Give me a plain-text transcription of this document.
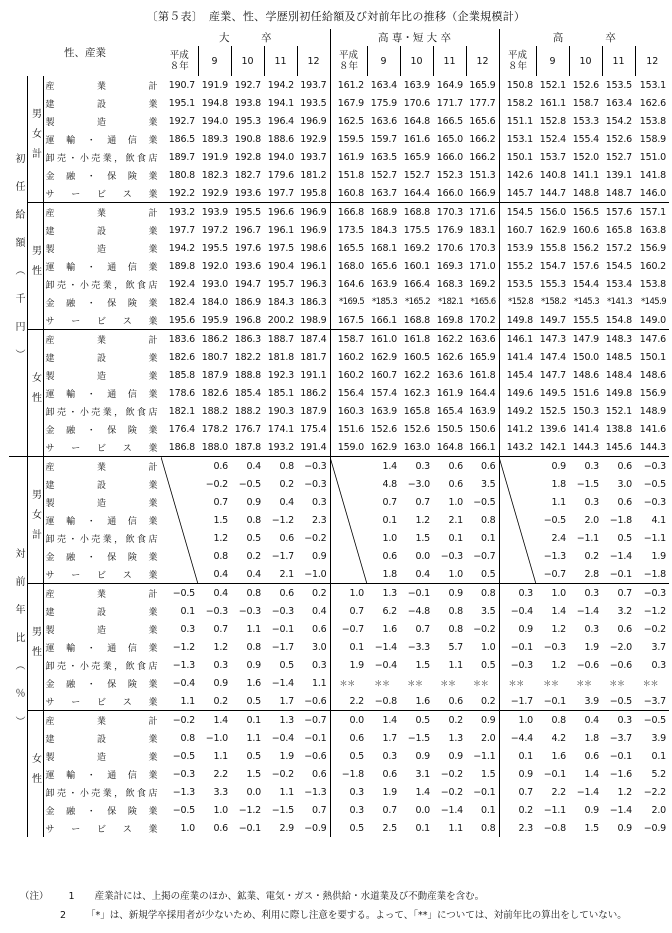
〔第５表〕　産業、性、学歴別初任給額及び対前年比の推移（企業規模計）
性、産業			大　　　卒					高 専・短 大 卒					高　　　　卒				
			平成
８年	9	10	11	12	平成
８年	9	10	11	12	平成
８年	9	10	11	12
初任給額（千円）	男女計	産業計	190.7	191.9	192.7	194.2	193.7	161.2	163.4	163.9	164.9	165.9	150.8	152.1	152.6	153.5	153.1
		建設業	195.1	194.8	193.8	194.1	193.5	167.9	175.9	170.6	171.7	177.7	158.2	161.1	158.7	163.4	162.6
		製造業	192.7	194.0	195.3	196.4	196.9	162.5	163.6	164.8	166.5	165.6	151.1	152.8	153.3	154.2	153.8
		運輸・通信業	186.5	189.3	190.8	188.6	192.9	159.5	159.7	161.6	165.0	166.2	153.1	152.4	155.4	152.6	158.9
		卸売・小売業，飲食店	189.7	191.9	192.8	194.0	193.7	161.9	163.5	165.9	166.0	166.2	150.1	153.7	152.0	152.7	151.0
		金融・保険業	180.8	182.3	182.7	179.6	181.2	151.8	152.7	152.7	152.3	151.3	142.6	140.8	141.1	139.1	141.8
		サービス業	192.2	192.9	193.6	197.7	195.8	160.8	163.7	164.4	166.0	166.9	145.7	144.7	148.8	148.7	146.0
	男性	産業計	193.2	193.9	195.5	196.6	196.9	166.8	168.9	168.8	170.3	171.6	154.5	156.0	156.5	157.6	157.1
		建設業	197.7	197.2	196.7	196.1	196.9	173.5	184.3	175.5	176.9	183.1	160.7	162.9	160.6	165.8	163.8
		製造業	194.2	195.5	197.6	197.5	198.6	165.5	168.1	169.2	170.6	170.3	153.9	155.8	156.2	157.2	156.9
		運輸・通信業	189.8	192.0	193.6	190.4	196.1	168.0	165.6	160.1	169.3	171.0	155.2	154.7	157.6	154.5	160.2
		卸売・小売業，飲食店	192.4	193.0	194.7	195.7	196.3	164.6	163.9	166.4	168.3	169.2	153.5	155.3	154.4	153.4	153.8
		金融・保険業	182.4	184.0	186.9	184.3	186.3	*169.5	*185.3	*165.2	*182.1	*165.6	*152.8	*158.2	*145.3	*141.3	*145.9
		サービス業	195.6	195.9	196.8	200.2	198.9	167.5	166.1	168.8	169.8	170.2	149.8	149.7	155.5	154.8	149.0
	女性	産業計	183.6	186.2	186.3	188.7	187.4	158.7	161.0	161.8	162.2	163.6	146.1	147.3	147.9	148.3	147.6
		建設業	182.6	180.7	182.2	181.8	181.7	160.2	162.9	160.5	162.6	165.9	141.4	147.4	150.0	148.5	150.1
		製造業	185.8	187.9	188.8	192.3	191.1	160.2	160.7	162.2	163.6	161.8	145.4	147.7	148.6	148.4	148.6
		運輸・通信業	178.6	182.6	185.4	185.1	186.2	156.4	157.4	162.3	161.9	164.4	149.6	149.5	151.6	149.8	156.9
		卸売・小売業，飲食店	182.1	188.2	188.2	190.3	187.9	160.3	163.9	165.8	165.4	163.9	149.2	152.5	150.3	152.1	148.9
		金融・保険業	176.4	178.2	176.7	174.1	175.4	151.6	152.6	152.6	150.5	150.6	141.2	139.6	141.4	138.8	141.6
		サービス業	186.8	188.0	187.8	193.2	191.4	159.0	162.9	163.0	164.8	166.1	143.2	142.1	144.3	145.6	144.3
対前年比（％）	男女計	産業計		0.6	0.4	0.8	−0.3		1.4	0.3	0.6	0.6		0.9	0.3	0.6	−0.3
		建設業		−0.2	−0.5	0.2	−0.3		4.8	−3.0	0.6	3.5		1.8	−1.5	3.0	−0.5
		製造業		0.7	0.9	0.4	0.3		0.7	0.7	1.0	−0.5		1.1	0.3	0.6	−0.3
		運輸・通信業		1.5	0.8	−1.2	2.3		0.1	1.2	2.1	0.8		−0.5	2.0	−1.8	4.1
		卸売・小売業，飲食店		1.2	0.5	0.6	−0.2		1.0	1.5	0.1	0.1		2.4	−1.1	0.5	−1.1
		金融・保険業		0.8	0.2	−1.7	0.9		0.6	0.0	−0.3	−0.7		−1.3	0.2	−1.4	1.9
		サービス業		0.4	0.4	2.1	−1.0		1.8	0.4	1.0	0.5		−0.7	2.8	−0.1	−1.8
	男性	産業計	−0.5	0.4	0.8	0.6	0.2	1.0	1.3	−0.1	0.9	0.8	0.3	1.0	0.3	0.7	−0.3
		建設業	0.1	−0.3	−0.3	−0.3	0.4	0.7	6.2	−4.8	0.8	3.5	−0.4	1.4	−1.4	3.2	−1.2
		製造業	0.3	0.7	1.1	−0.1	0.6	−0.7	1.6	0.7	0.8	−0.2	0.9	1.2	0.3	0.6	−0.2
		運輸・通信業	−1.2	1.2	0.8	−1.7	3.0	0.1	−1.4	−3.3	5.7	1.0	−0.1	−0.3	1.9	−2.0	3.7
		卸売・小売業，飲食店	−1.3	0.3	0.9	0.5	0.3	1.9	−0.4	1.5	1.1	0.5	−0.3	1.2	−0.6	−0.6	0.3
		金融・保険業	−0.4	0.9	1.6	−1.4	1.1	＊＊	＊＊	＊＊	＊＊	＊＊	＊＊	＊＊	＊＊	＊＊	＊＊
		サービス業	1.1	0.2	0.5	1.7	−0.6	2.2	−0.8	1.6	0.6	0.2	−1.7	−0.1	3.9	−0.5	−3.7
	女性	産業計	−0.2	1.4	0.1	1.3	−0.7	0.0	1.4	0.5	0.2	0.9	1.0	0.8	0.4	0.3	−0.5
		建設業	0.8	−1.0	1.1	−0.4	−0.1	0.6	1.7	−1.5	1.3	2.0	−4.4	4.2	1.8	−3.7	3.9
		製造業	−0.5	1.1	0.5	1.9	−0.6	0.5	0.3	0.9	0.9	−1.1	0.1	1.6	0.6	−0.1	0.1
		運輸・通信業	−0.3	2.2	1.5	−0.2	0.6	−1.8	0.6	3.1	−0.2	1.5	0.9	−0.1	1.4	−1.6	5.2
		卸売・小売業，飲食店	−1.3	3.3	0.0	1.1	−1.3	0.3	1.9	1.4	−0.2	−0.1	0.7	2.2	−1.4	1.2	−2.2
		金融・保険業	−0.5	1.0	−1.2	−1.5	0.7	0.3	0.7	0.0	−1.4	0.1	0.2	−1.1	0.9	−1.4	2.0
		サービス業	1.0	0.6	−0.1	2.9	−0.9	0.5	2.5	0.1	1.1	0.8	2.3	−0.8	1.5	0.9	−0.9
（注） 1 産業計には、上掲の産業のほか、鉱業、電気・ガス・熱供給・水道業及び不動産業を含む。
2 「*」は、新規学卒採用者が少ないため、利用に際し注意を要する。よって、「**」については、対前年比の算出をしていない。
